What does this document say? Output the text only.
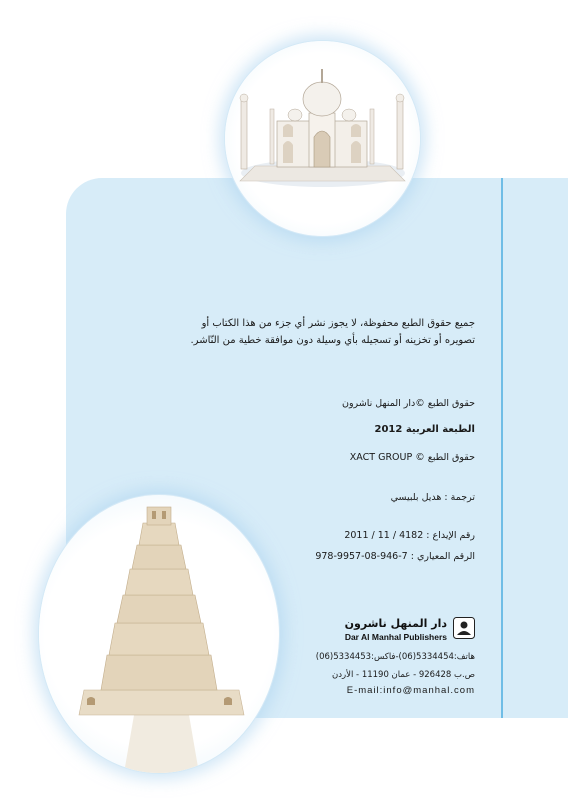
جميع حقوق الطبع محفوظة، لا يجوز نشر أي جزء من هذا الكتاب أو تصويره أو تخزينه أو تسجيله بأي وسيلة دون موافقة خطية من النّاشر.
حقوق الطبع ©دار المنهل ناشرون
الطبعة العربية 2012
حقوق الطبع © XACT GROUP
ترجمة : هديل بلبيسي
رقم الإيداع : 4182 / 11 / 2011
الرقم المعياري : 7-946-08-9957-978
دار المنهل ناشرون
Dar Al Manhal Publishers
هاتف:5334454(06)-فاكس:5334453(06)
ص.ب 926428 - عمان 11190 - الأردن
E-mail:info@manhal.com
